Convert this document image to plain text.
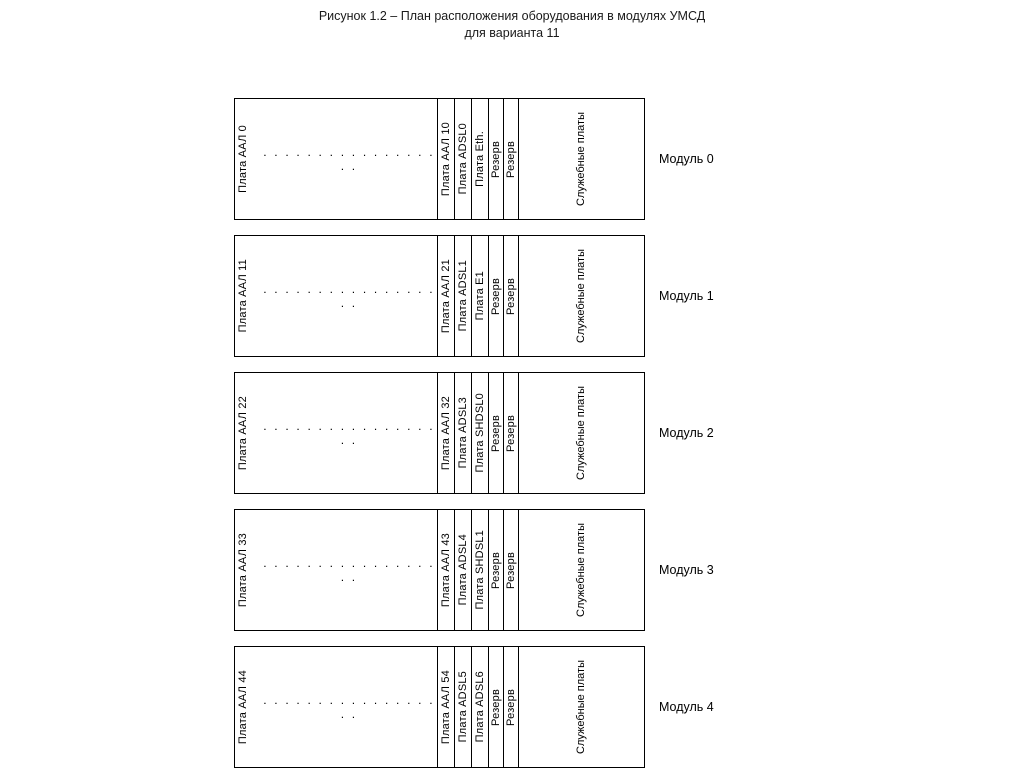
Рисунок 1.2 – План расположения оборудования в модулях УМСД
для варианта 11
Плата ААЛ 0	. . . . . . . . . . . . . . . . . .	Плата ААЛ 10 Плата ADSL0 Плата Eth. Резерв Резерв	Служебные платы	Модуль 0
Плата ААЛ 11	. . . . . . . . . . . . . . . . . .	Плата ААЛ 21 Плата ADSL1 Плата Е1 Резерв Резерв	Служебные платы	Модуль 1
Плата ААЛ 22	. . . . . . . . . . . . . . . . . .	Плата ААЛ 32 Плата ADSL3 Плата SHDSL0 Резерв Резерв	Служебные платы	Модуль 2
Плата ААЛ 33	. . . . . . . . . . . . . . . . . .	Плата ААЛ 43 Плата ADSL4 Плата SHDSL1 Резерв Резерв	Служебные платы	Модуль 3
Плата ААЛ 44	. . . . . . . . . . . . . . . . . .	Плата ААЛ 54 Плата ADSL5 Плата ADSL6 Резерв Резерв	Служебные платы	Модуль 4
